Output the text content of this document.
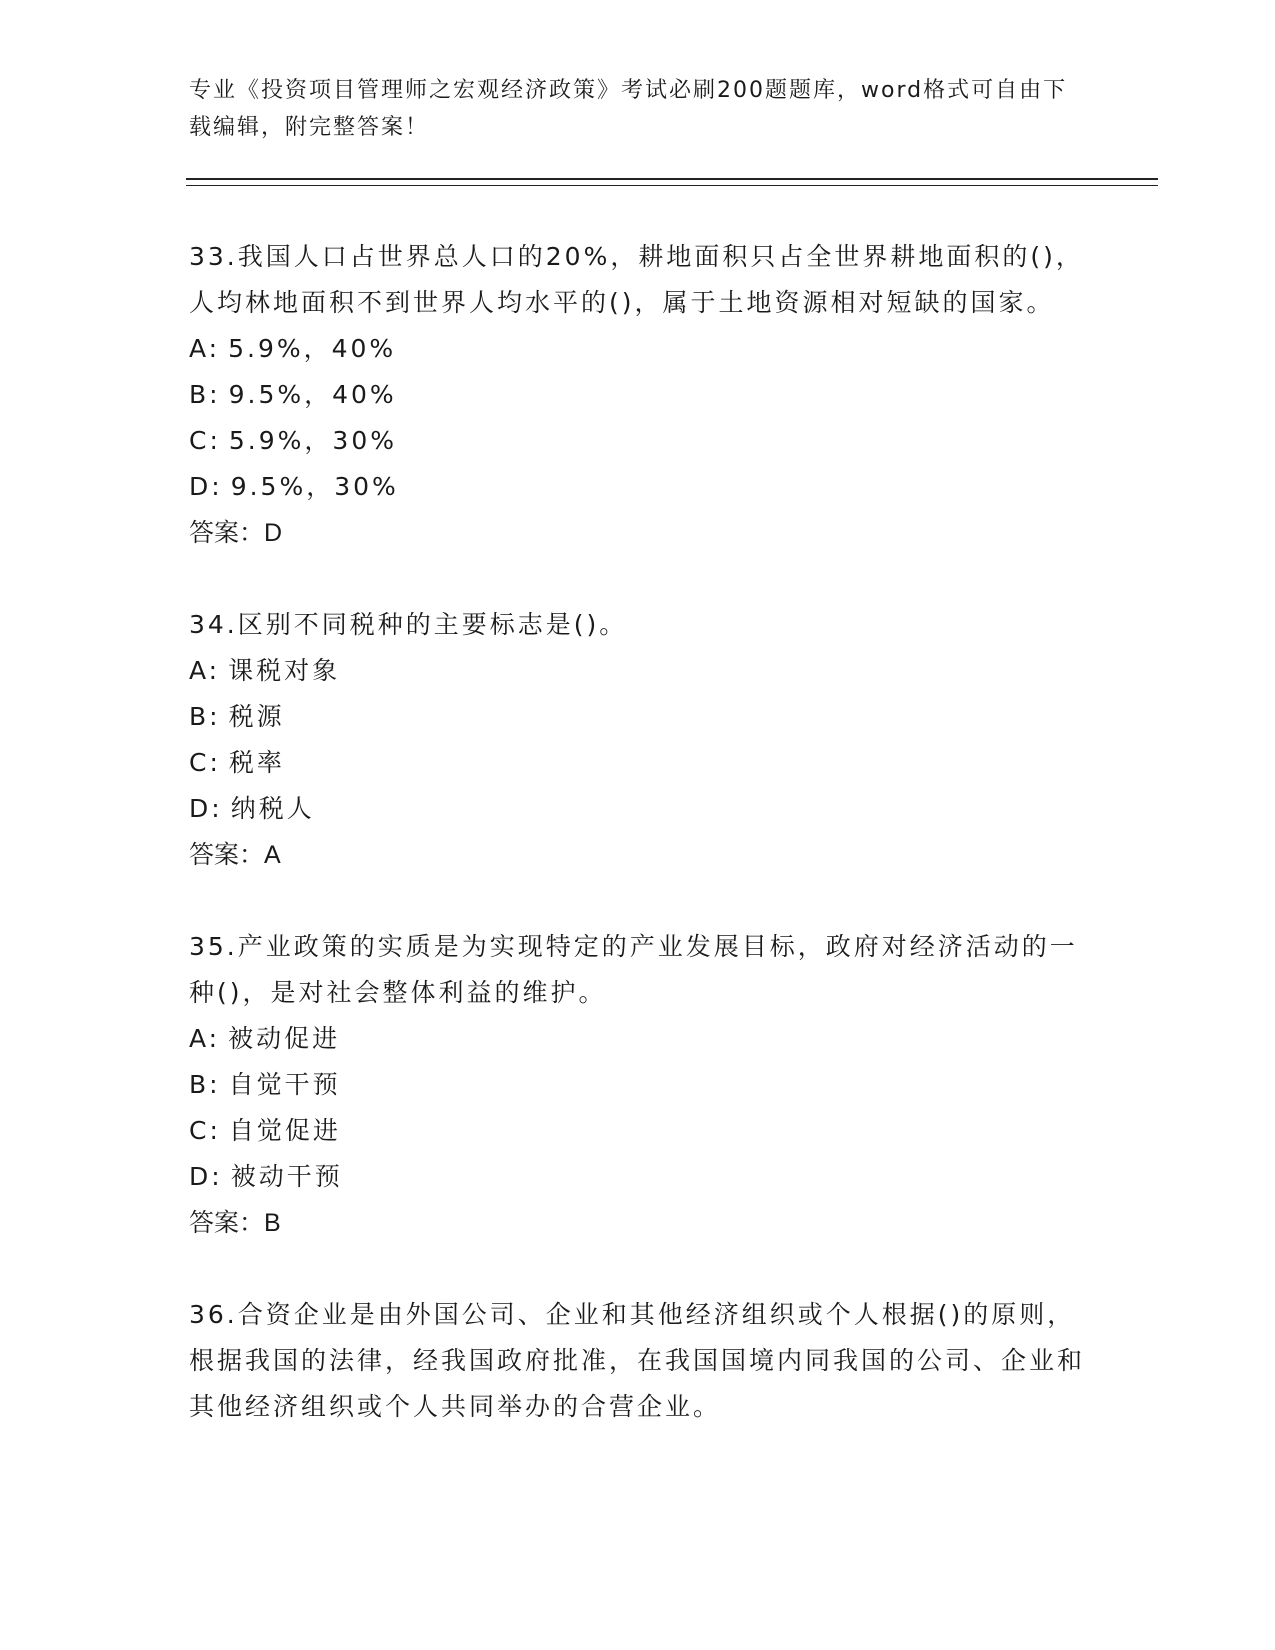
专业《投资项目管理师之宏观经济政策》考试必刷200题题库，word格式可自由下载编辑，附完整答案！

33.我国人口占世界总人口的20%，耕地面积只占全世界耕地面积的()，人均林地面积不到世界人均水平的()，属于土地资源相对短缺的国家。

A: 5.9%，40%

B: 9.5%，40%

C: 5.9%，30%

D: 9.5%，30%

答案：D

34.区别不同税种的主要标志是()。

A: 课税对象

B: 税源

C: 税率

D: 纳税人

答案：A

35.产业政策的实质是为实现特定的产业发展目标，政府对经济活动的一种()，是对社会整体利益的维护。

A: 被动促进

B: 自觉干预

C: 自觉促进

D: 被动干预

答案：B

36.合资企业是由外国公司、企业和其他经济组织或个人根据()的原则，根据我国的法律，经我国政府批准，在我国国境内同我国的公司、企业和其他经济组织或个人共同举办的合营企业。
